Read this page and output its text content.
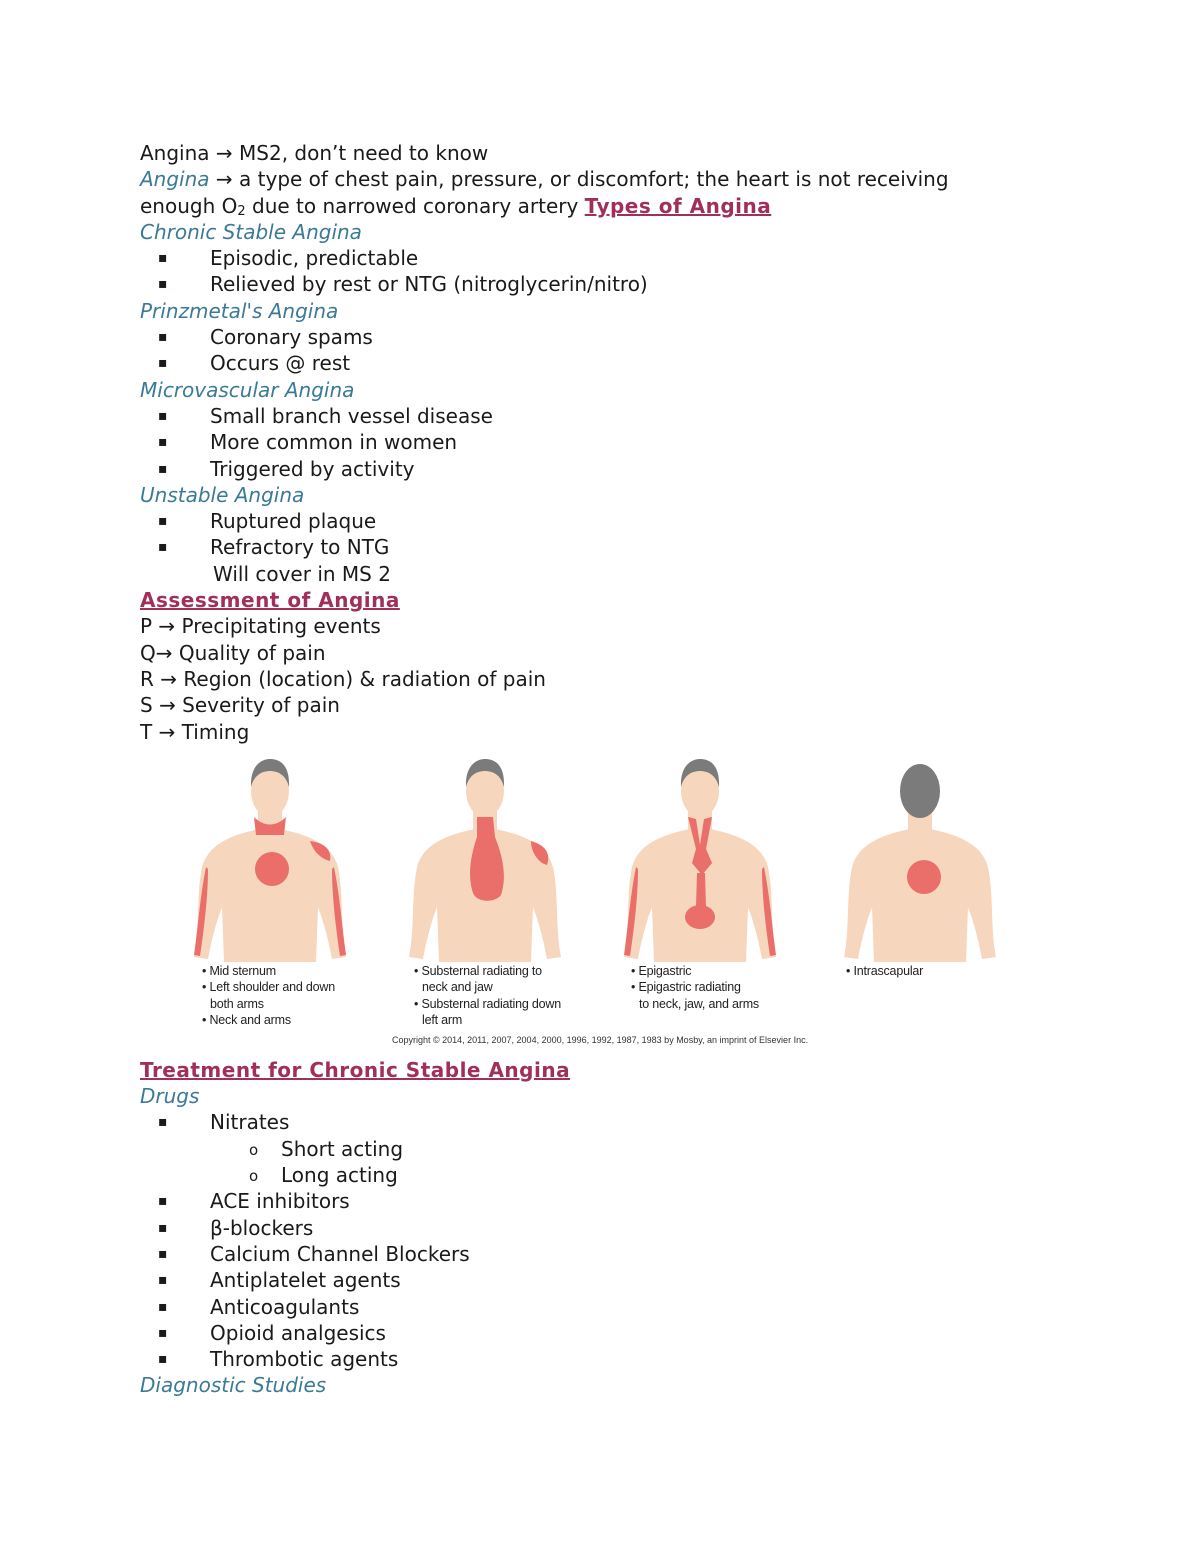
Angina → MS2, don’t need to know
Angina → a type of chest pain, pressure, or discomfort; the heart is not receiving
enough $O_2$ due to narrowed coronary artery Types of Angina
Chronic Stable Angina
▪ Episodic, predictable
▪ Relieved by rest or NTG (nitroglycerin/nitro)
Prinzmetal's Angina
▪ Coronary spams
▪ Occurs @ rest
Microvascular Angina
▪ Small branch vessel disease
▪ More common in women
▪ Triggered by activity
Unstable Angina
▪ Ruptured plaque
▪ Refractory to NTG
Will cover in MS 2
Assessment of Angina
P → Precipitating events
Q→ Quality of pain
R → Region (location) & radiation of pain
S → Severity of pain
T → Timing
• Mid sternum
• Left shoulder and down
both arms
• Neck and arms
• Substernal radiating to
neck and jaw
• Substernal radiating down
left arm
• Epigastric
• Epigastric radiating
to neck, jaw, and arms
• Intrascapular
Copyright © 2014, 2011, 2007, 2004, 2000, 1996, 1992, 1987, 1983 by Mosby, an imprint of Elsevier Inc.
Treatment for Chronic Stable Angina
Drugs
▪ Nitrates
o Short acting
o Long acting
▪ ACE inhibitors
▪ β-blockers
▪ Calcium Channel Blockers
▪ Antiplatelet agents
▪ Anticoagulants
▪ Opioid analgesics
▪ Thrombotic agents
Diagnostic Studies
